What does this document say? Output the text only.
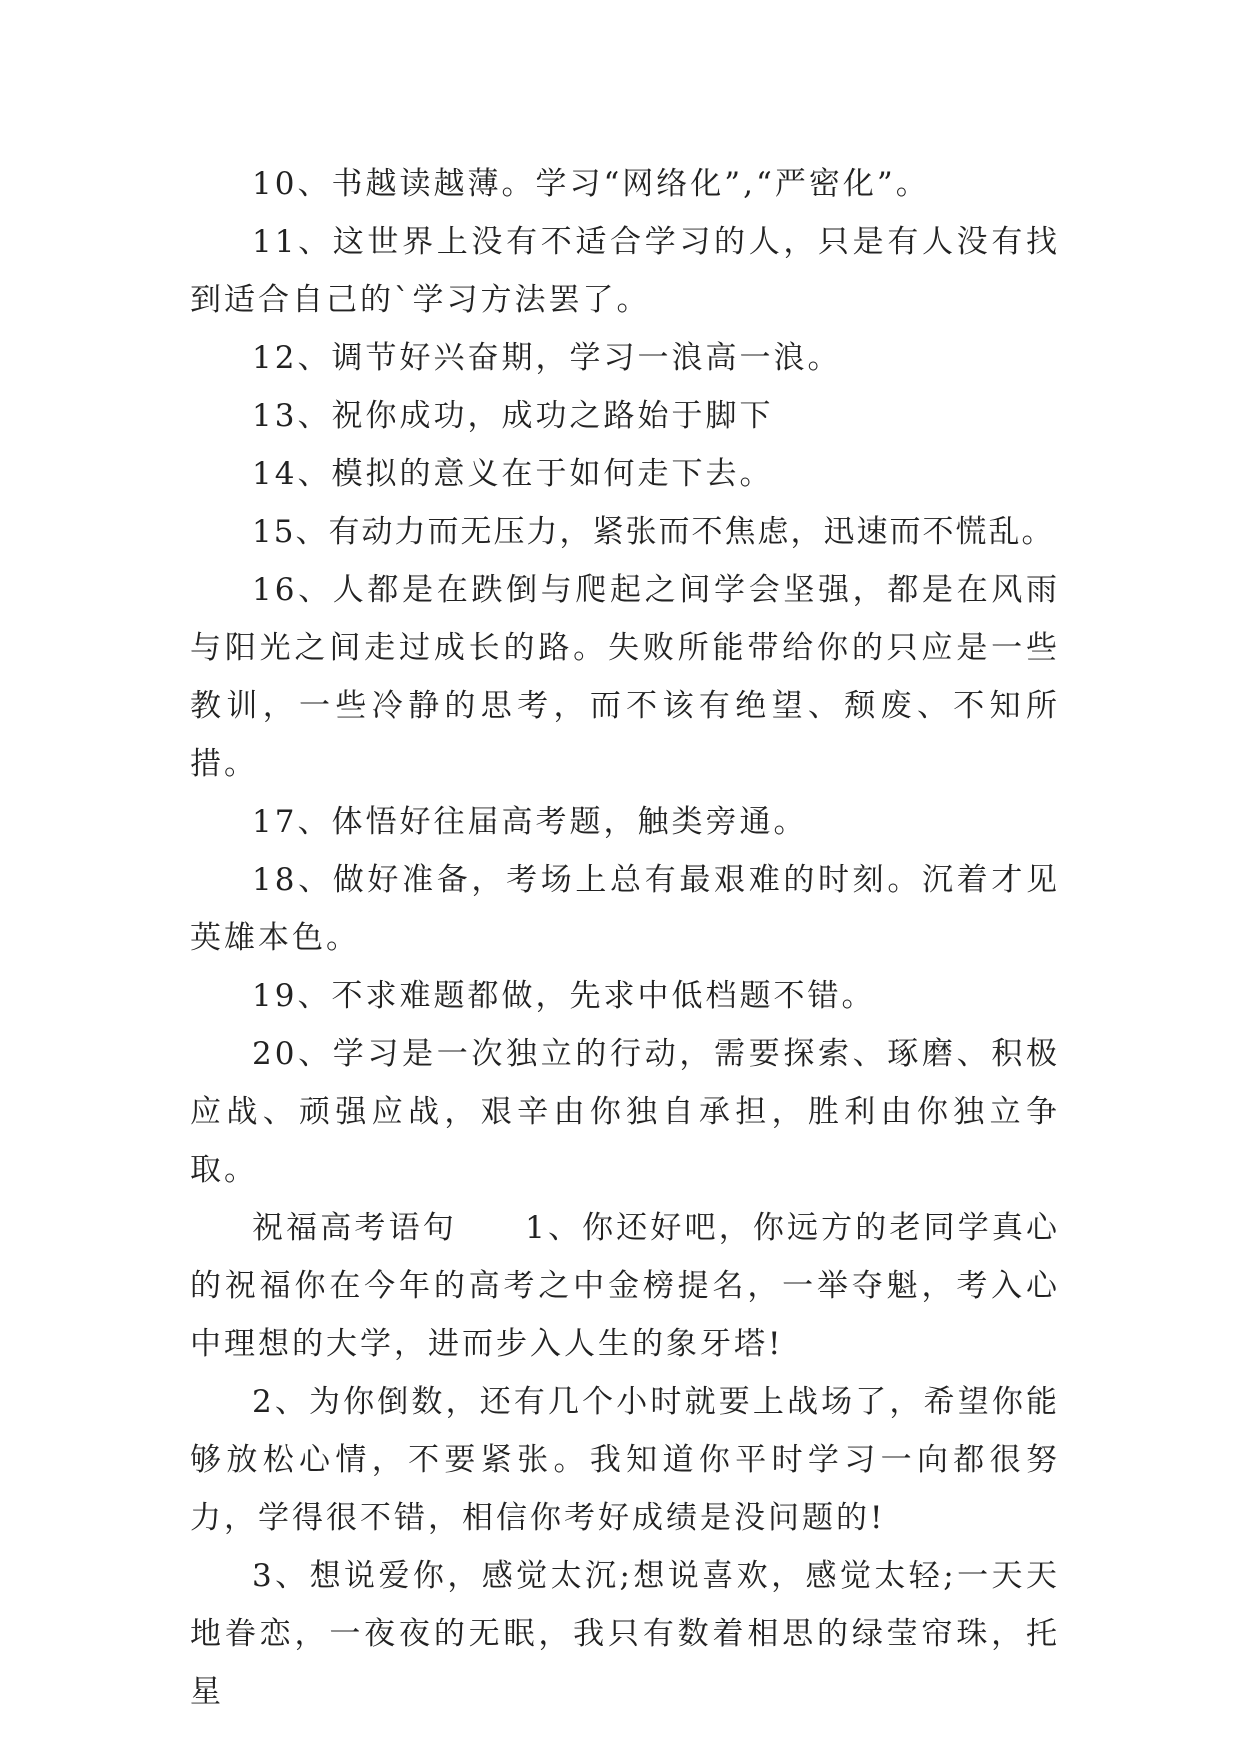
10、书越读越薄。学习“网络化”,“严密化”。

11、这世界上没有不适合学习的人，只是有人没有找到适合自己的`学习方法罢了。

12、调节好兴奋期，学习一浪高一浪。

13、祝你成功，成功之路始于脚下

14、模拟的意义在于如何走下去。

15、有动力而无压力，紧张而不焦虑，迅速而不慌乱。

16、人都是在跌倒与爬起之间学会坚强，都是在风雨与阳光之间走过成长的路。失败所能带给你的只应是一些教训，一些冷静的思考，而不该有绝望、颓废、不知所措。

17、体悟好往届高考题，触类旁通。

18、做好准备，考场上总有最艰难的时刻。沉着才见英雄本色。

19、不求难题都做，先求中低档题不错。

20、学习是一次独立的行动，需要探索、琢磨、积极应战、顽强应战，艰辛由你独自承担，胜利由你独立争取。

祝福高考语句　　1、你还好吧，你远方的老同学真心的祝福你在今年的高考之中金榜提名，一举夺魁，考入心中理想的大学，进而步入人生的象牙塔!

2、为你倒数，还有几个小时就要上战场了，希望你能够放松心情，不要紧张。我知道你平时学习一向都很努力，学得很不错，相信你考好成绩是没问题的!

3、想说爱你，感觉太沉;想说喜欢，感觉太轻;一天天地眷恋，一夜夜的无眠，我只有数着相思的绿莹帘珠，托星
